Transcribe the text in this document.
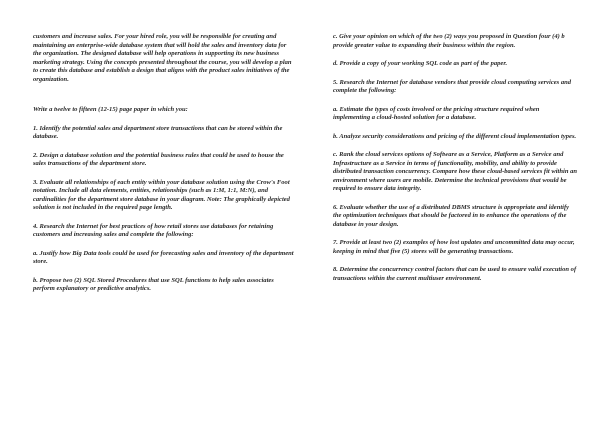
customers and increase sales. For your hired role, you will be responsible for creating and maintaining an enterprise-wide database system that will hold the sales and inventory data for the organization. The designed database will help operations in supporting its new business marketing strategy. Using the concepts presented throughout the course, you will develop a plan to create this database and establish a design that aligns with the product sales initiatives of the organization.

Write a twelve to fifteen (12-15) page paper in which you:

1. Identify the potential sales and department store transactions that can be stored within the database.

2. Design a database solution and the potential business rules that could be used to house the sales transactions of the department store.

3. Evaluate all relationships of each entity within your database solution using the Crow's Foot notation. Include all data elements, entities, relationships (such as 1:M, 1:1, M:N), and cardinalities for the department store database in your diagram. Note: The graphically depicted solution is not included in the required page length.

4. Research the Internet for best practices of how retail stores use databases for retaining customers and increasing sales and complete the following:

a. Justify how Big Data tools could be used for forecasting sales and inventory of the department store.

b. Propose two (2) SQL Stored Procedures that use SQL functions to help sales associates perform explanatory or predictive analytics.

c. Give your opinion on which of the two (2) ways you proposed in Question four (4) b provide greater value to expanding their business within the region.

d. Provide a copy of your working SQL code as part of the paper.

5. Research the Internet for database vendors that provide cloud computing services and complete the following:

a. Estimate the types of costs involved or the pricing structure required when implementing a cloud-hosted solution for a database.

b. Analyze security considerations and pricing of the different cloud implementation types.

c. Rank the cloud services options of Software as a Service, Platform as a Service and Infrastructure as a Service in terms of functionality, mobility, and ability to provide distributed transaction concurrency. Compare how these cloud-based services fit within an environment where users are mobile. Determine the technical provisions that would be required to ensure data integrity.

6. Evaluate whether the use of a distributed DBMS structure is appropriate and identify the optimization techniques that should be factored in to enhance the operations of the database in your design.

7. Provide at least two (2) examples of how lost updates and uncommitted data may occur, keeping in mind that five (5) stores will be generating transactions.

8. Determine the concurrency control factors that can be used to ensure valid execution of transactions within the current multiuser environment.
